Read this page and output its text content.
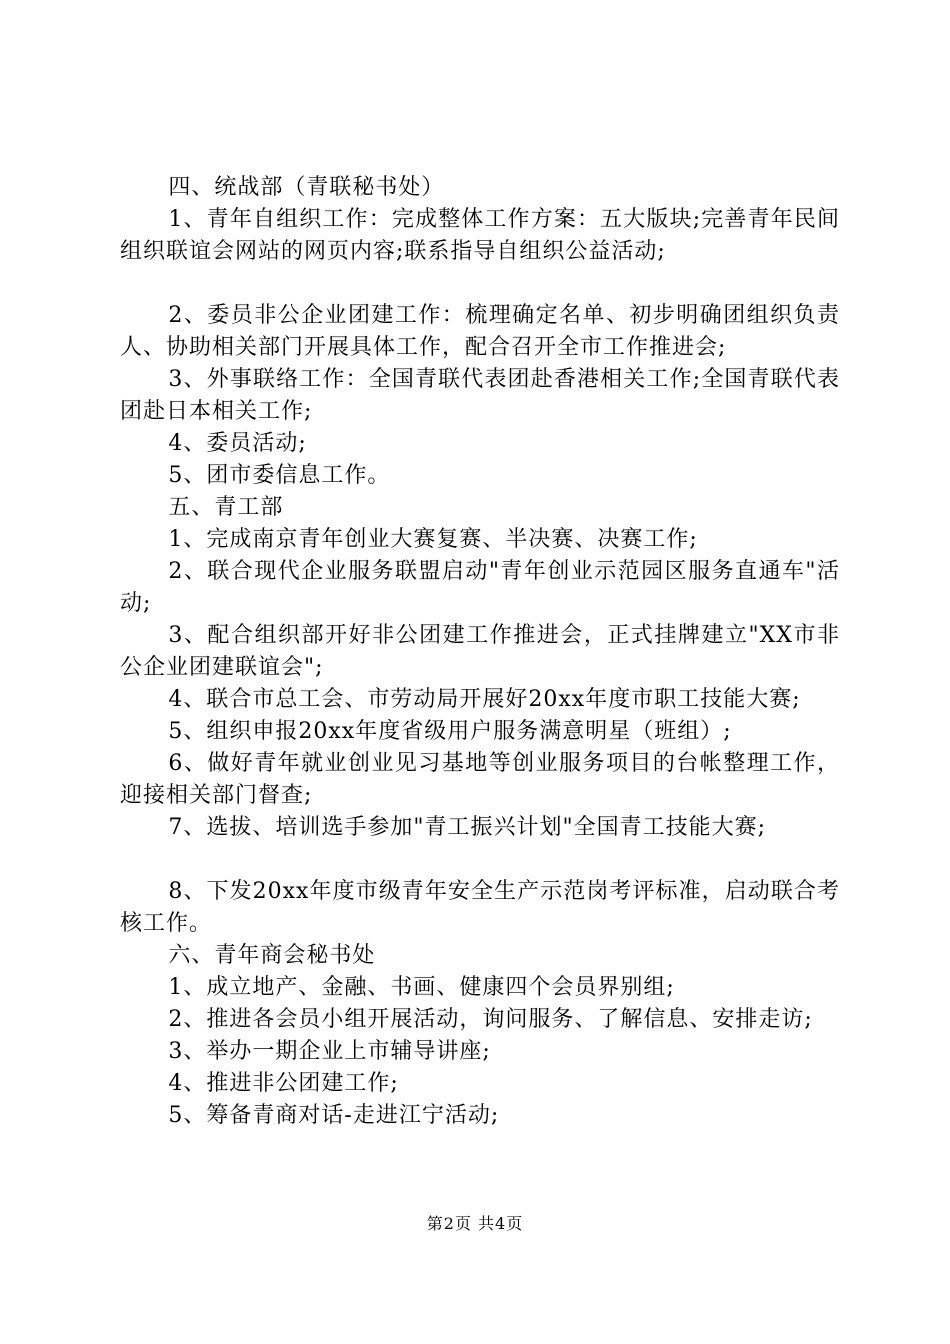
四、统战部（青联秘书处）

1、青年自组织工作：完成整体工作方案：五大版块;完善青年民间组织联谊会网站的网页内容;联系指导自组织公益活动;

2、委员非公企业团建工作：梳理确定名单、初步明确团组织负责人、协助相关部门开展具体工作，配合召开全市工作推进会;

3、外事联络工作：全国青联代表团赴香港相关工作;全国青联代表团赴日本相关工作;

4、委员活动;

5、团市委信息工作。

五、青工部

1、完成南京青年创业大赛复赛、半决赛、决赛工作;

2、联合现代企业服务联盟启动"青年创业示范园区服务直通车"活动;

3、配合组织部开好非公团建工作推进会，正式挂牌建立"XX市非公企业团建联谊会";

4、联合市总工会、市劳动局开展好20xx年度市职工技能大赛;

5、组织申报20xx年度省级用户服务满意明星（班组）;

6、做好青年就业创业见习基地等创业服务项目的台帐整理工作，迎接相关部门督查;

7、选拔、培训选手参加"青工振兴计划"全国青工技能大赛;

8、下发20xx年度市级青年安全生产示范岗考评标准，启动联合考核工作。

六、青年商会秘书处

1、成立地产、金融、书画、健康四个会员界别组;

2、推进各会员小组开展活动，询问服务、了解信息、安排走访;

3、举办一期企业上市辅导讲座;

4、推进非公团建工作;

5、筹备青商对话-走进江宁活动;

第2页 共4页
